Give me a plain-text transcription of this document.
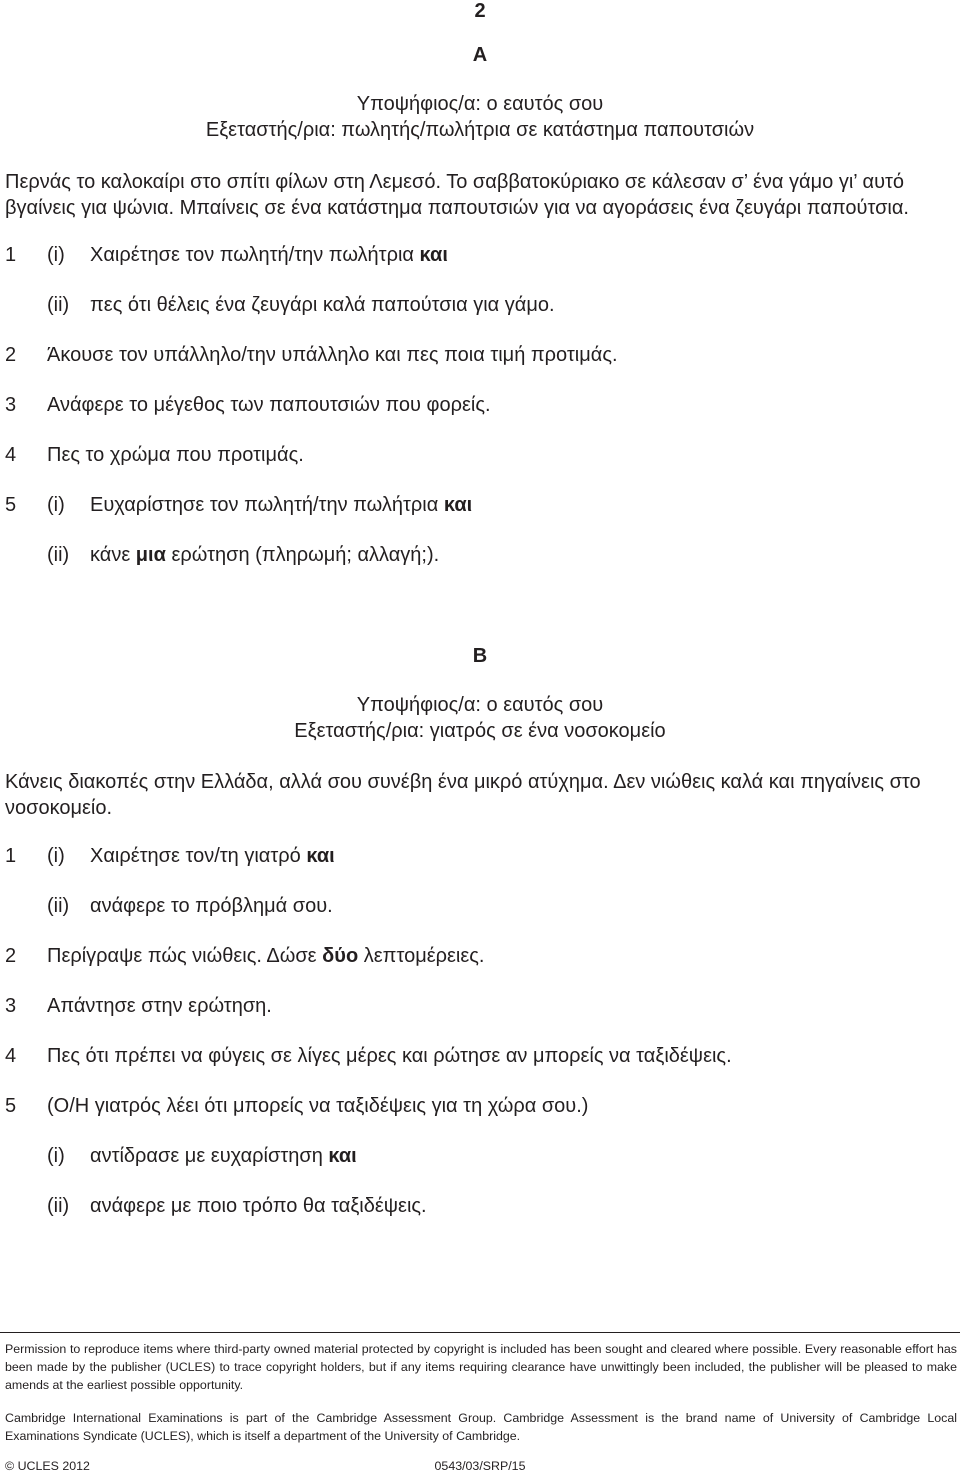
2
A
Υποψήφιος/α: ο εαυτός σου
Εξεταστής/ρια: πωλητής/πωλήτρια σε κατάστημα παπουτσιών
Περνάς το καλοκαίρι στο σπίτι φίλων στη Λεμεσό. Το σαββατοκύριακο σε κάλεσαν σ’ ένα γάμο γι’ αυτό βγαίνεις για ψώνια. Μπαίνεις σε ένα κατάστημα παπουτσιών για να αγοράσεις ένα ζευγάρι παπούτσια.
1 (i) Χαιρέτησε τον πωλητή/την πωλήτρια και
(ii) πες ότι θέλεις ένα ζευγάρι καλά παπούτσια για γάμο.
2 Άκουσε τον υπάλληλο/την υπάλληλο και πες ποια τιμή προτιμάς.
3 Ανάφερε το μέγεθος των παπουτσιών που φορείς.
4 Πες το χρώμα που προτιμάς.
5 (i) Ευχαρίστησε τον πωλητή/την πωλήτρια και
(ii) κάνε μια ερώτηση (πληρωμή; αλλαγή;).
B
Υποψήφιος/α: ο εαυτός σου
Εξεταστής/ρια: γιατρός σε ένα νοσοκομείο
Κάνεις διακοπές στην Ελλάδα, αλλά σου συνέβη ένα μικρό ατύχημα. Δεν νιώθεις καλά και πηγαίνεις στο νοσοκομείο.
1 (i) Χαιρέτησε τον/τη γιατρό και
(ii) ανάφερε το πρόβλημά σου.
2 Περίγραψε πώς νιώθεις. Δώσε δύο λεπτομέρειες.
3 Απάντησε στην ερώτηση.
4 Πες ότι πρέπει να φύγεις σε λίγες μέρες και ρώτησε αν μπορείς να ταξιδέψεις.
5 (Ο/Η γιατρός λέει ότι μπορείς να ταξιδέψεις για τη χώρα σου.)
(i) αντίδρασε με ευχαρίστηση και
(ii) ανάφερε με ποιο τρόπο θα ταξιδέψεις.
Permission to reproduce items where third-party owned material protected by copyright is included has been sought and cleared where possible. Every reasonable effort has been made by the publisher (UCLES) to trace copyright holders, but if any items requiring clearance have unwittingly been included, the publisher will be pleased to make amends at the earliest possible opportunity.
Cambridge International Examinations is part of the Cambridge Assessment Group. Cambridge Assessment is the brand name of University of Cambridge Local Examinations Syndicate (UCLES), which is itself a department of the University of Cambridge.
© UCLES 2012	0543/03/SRP/15
